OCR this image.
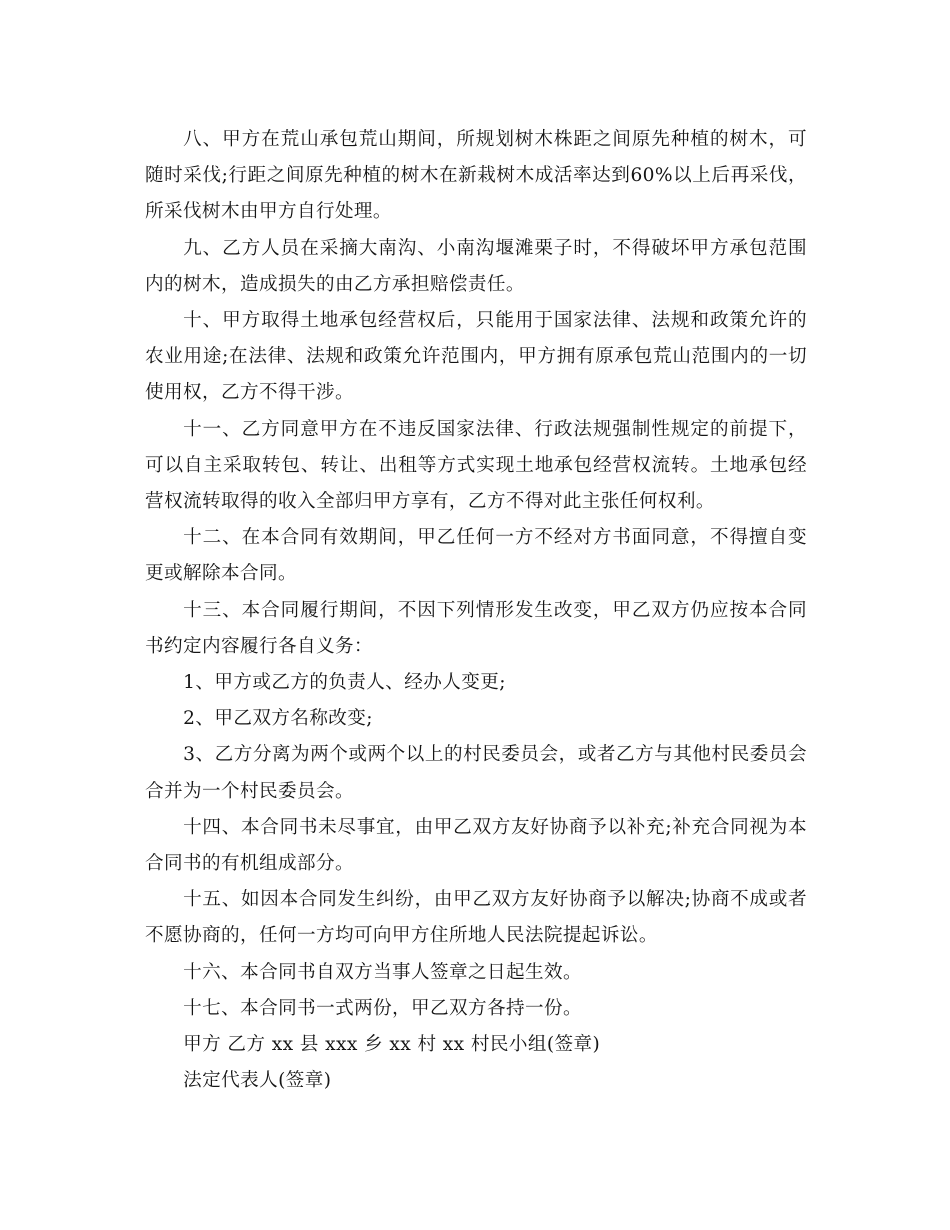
八、甲方在荒山承包荒山期间，所规划树木株距之间原先种植的树木，可随时采伐;行距之间原先种植的树木在新栽树木成活率达到60%以上后再采伐，所采伐树木由甲方自行处理。

九、乙方人员在采摘大南沟、小南沟堰滩栗子时，不得破坏甲方承包范围内的树木，造成损失的由乙方承担赔偿责任。

十、甲方取得土地承包经营权后，只能用于国家法律、法规和政策允许的农业用途;在法律、法规和政策允许范围内，甲方拥有原承包荒山范围内的一切使用权，乙方不得干涉。

十一、乙方同意甲方在不违反国家法律、行政法规强制性规定的前提下，可以自主采取转包、转让、出租等方式实现土地承包经营权流转。土地承包经营权流转取得的收入全部归甲方享有，乙方不得对此主张任何权利。

十二、在本合同有效期间，甲乙任何一方不经对方书面同意，不得擅自变更或解除本合同。

十三、本合同履行期间，不因下列情形发生改变，甲乙双方仍应按本合同书约定内容履行各自义务：

1、甲方或乙方的负责人、经办人变更;

2、甲乙双方名称改变;

3、乙方分离为两个或两个以上的村民委员会，或者乙方与其他村民委员会合并为一个村民委员会。

十四、本合同书未尽事宜，由甲乙双方友好协商予以补充;补充合同视为本合同书的有机组成部分。

十五、如因本合同发生纠纷，由甲乙双方友好协商予以解决;协商不成或者不愿协商的，任何一方均可向甲方住所地人民法院提起诉讼。

十六、本合同书自双方当事人签章之日起生效。

十七、本合同书一式两份，甲乙双方各持一份。

甲方 乙方 xx 县 xxx 乡 xx 村 xx 村民小组(签章)

法定代表人(签章)
